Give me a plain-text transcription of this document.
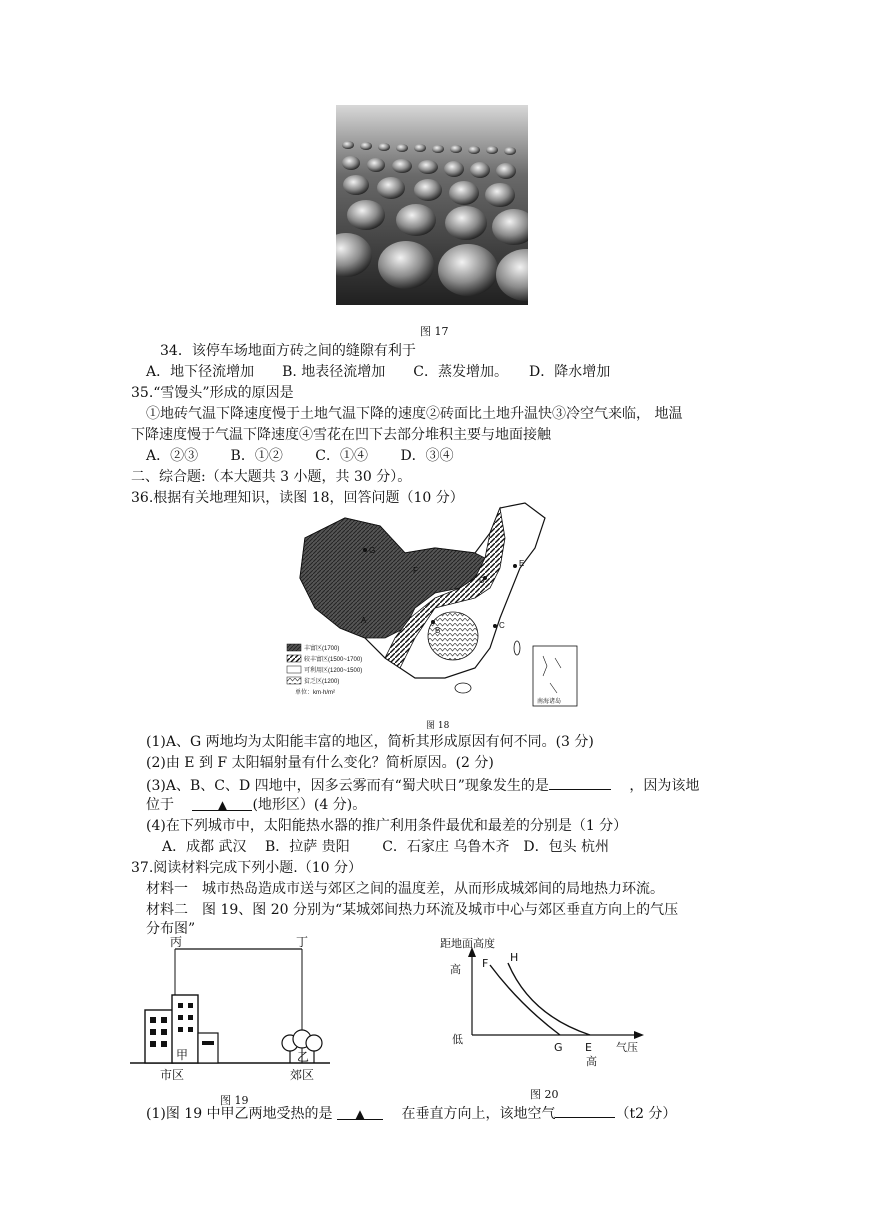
图 17
34．该停车场地面方砖之间的缝隙有利于
A．地下径流增加　　B. 地表径流增加　　C．蒸发增加。　　D．降水增加
35.“雪馒头”形成的原因是
①地砖气温下降速度慢于土地气温下降的速度②砖面比土地升温快③冷空气来临， 地温
下降速度慢于气温下降速度④雪花在凹下去部分堆积主要与地面接触
A．②③　　 B．①②　　 C．①④　　 D．③④
二、综合题:（本大题共 3 小题，共 30 分）。
36.根据有关地理知识，读图 18，回答问题（10 分）
G
F
A
D
E
B
C
丰富区(1700)
较丰富区(1500~1700)
可利用区(1200~1500)
贫乏区(1200)
单位：km·h/m²
南海诸岛
图 18
(1)A、G 两地均为太阳能丰富的地区，简析其形成原因有何不同。(3 分)
(2)由 E 到 F 太阳辐射量有什么变化？简析原因。(2 分)
(3)A、B、C、D 四地中，因多云雾而有“蜀犬吠日”现象发生的是　	，因为该地
位于　	▲ (地形区）(4 分)。
(4)在下列城市中，太阳能热水器的推广利用条件最优和最差的分别是（1 分）
A．成都 武汉　 B．拉萨 贵阳　　 C．石家庄 乌鲁木齐　D．包头 杭州
37.阅读材料完成下列小题.（10 分）
材料一　城市热岛造成市送与郊区之间的温度差，从而形成城郊间的局地热力环流。
材料二　图 19、图 20 分别为“某城郊间热力环流及城市中心与郊区垂直方向上的气压
分布图”
丙	丁
甲	乙
市区	郊区
图 19
距地面高度
高
低
F H
G E 气压
高
图 20
(1)图 19 中甲乙两地受热的是 ▲　	在垂直方向上，该地空气	（t2 分）
